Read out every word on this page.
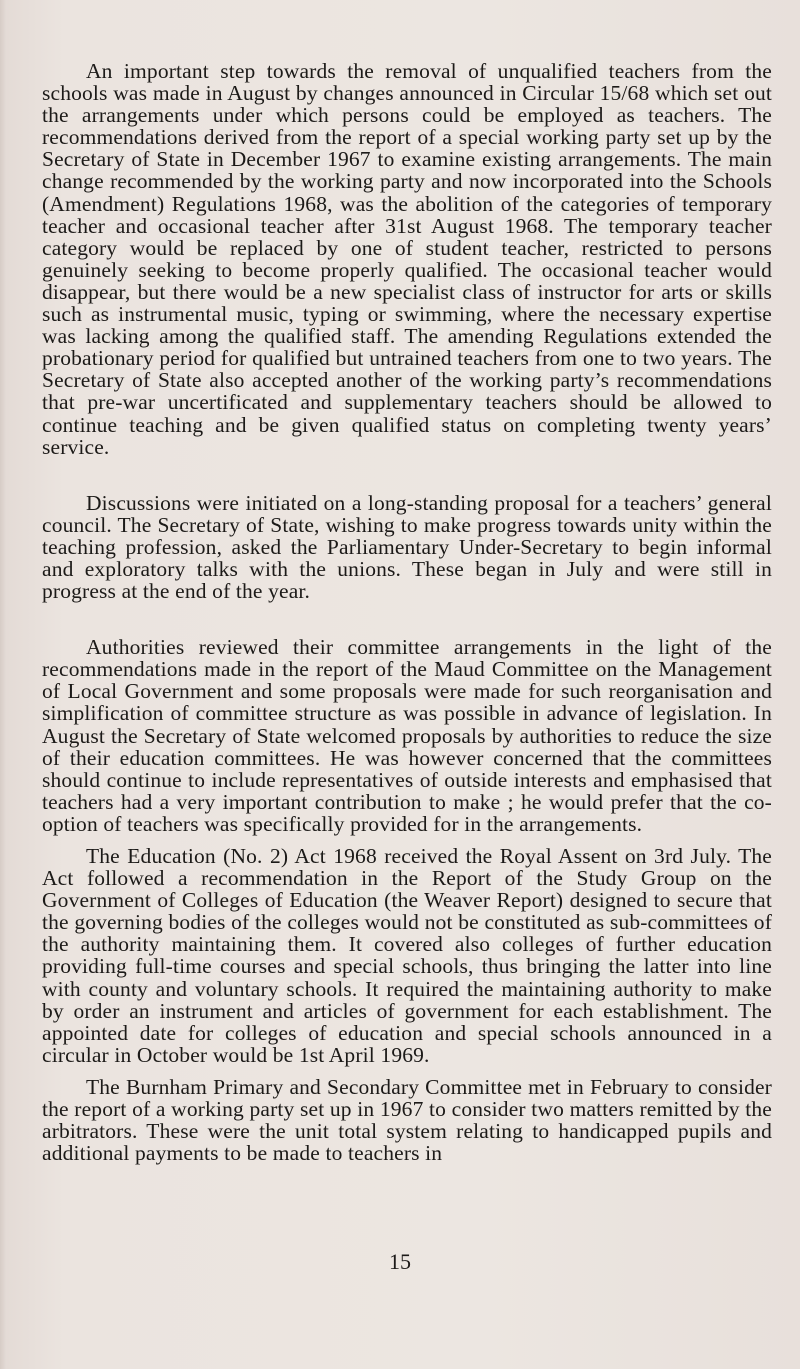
An important step towards the removal of unqualified teachers from the schools was made in August by changes announced in Circular 15/68 which set out the arrangements under which persons could be employed as teachers. The recommendations derived from the report of a special working party set up by the Secretary of State in December 1967 to examine existing arrangements. The main change recommended by the working party and now incorporated into the Schools (Amendment) Regulations 1968, was the abolition of the categories of temporary teacher and occasional teacher after 31st August 1968. The temporary teacher category would be replaced by one of student teacher, restricted to persons genuinely seeking to become properly qualified. The occasional teacher would disappear, but there would be a new specialist class of instructor for arts or skills such as instrumental music, typing or swimming, where the necessary expertise was lacking among the qualified staff. The amending Regulations extended the probationary period for qualified but untrained teachers from one to two years. The Secretary of State also accepted another of the working party’s recommendations that pre-war uncertificated and supplementary teachers should be allowed to continue teaching and be given qualified status on completing twenty years’ service.

Discussions were initiated on a long-standing proposal for a teachers’ general council. The Secretary of State, wishing to make progress towards unity within the teaching profession, asked the Parliamentary Under-Secretary to begin informal and exploratory talks with the unions. These began in July and were still in progress at the end of the year.

Authorities reviewed their committee arrangements in the light of the recommendations made in the report of the Maud Committee on the Management of Local Government and some proposals were made for such reorganisation and simplification of committee structure as was possible in advance of legislation. In August the Secretary of State welcomed proposals by authorities to reduce the size of their education committees. He was however concerned that the committees should continue to include representatives of outside interests and emphasised that teachers had a very important contribution to make ; he would prefer that the co-option of teachers was specifically provided for in the arrangements.

The Education (No. 2) Act 1968 received the Royal Assent on 3rd July. The Act followed a recommendation in the Report of the Study Group on the Government of Colleges of Education (the Weaver Report) designed to secure that the governing bodies of the colleges would not be constituted as sub-committees of the authority maintaining them. It covered also colleges of further education providing full-time courses and special schools, thus bringing the latter into line with county and voluntary schools. It required the maintaining authority to make by order an instrument and articles of government for each establishment. The appointed date for colleges of education and special schools announced in a circular in October would be 1st April 1969.

The Burnham Primary and Secondary Committee met in February to consider the report of a working party set up in 1967 to consider two matters remitted by the arbitrators. These were the unit total system relating to handicapped pupils and additional payments to be made to teachers in

15
